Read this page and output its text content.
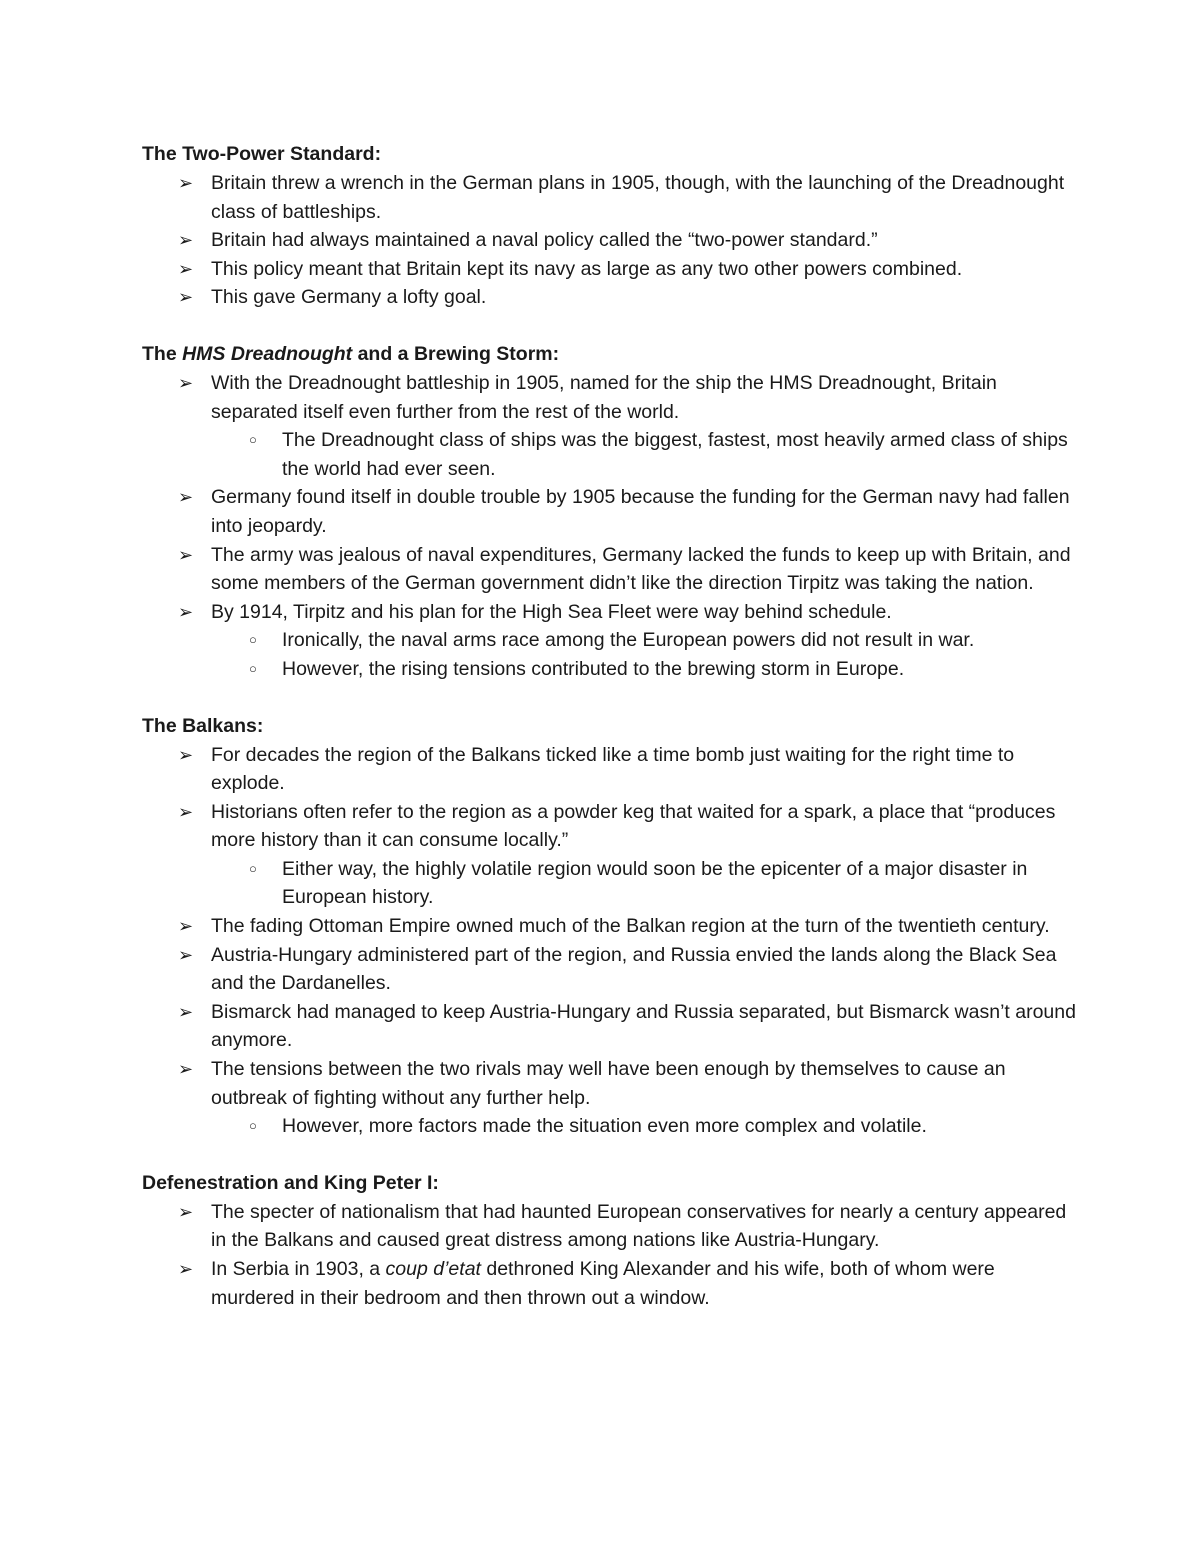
The Two-Power Standard:

➢ Britain threw a wrench in the German plans in 1905, though, with the launching of the Dreadnought class of battleships.
➢ Britain had always maintained a naval policy called the “two-power standard.”
➢ This policy meant that Britain kept its navy as large as any two other powers combined.
➢ This gave Germany a lofty goal.

The HMS Dreadnought and a Brewing Storm:

➢ With the Dreadnought battleship in 1905, named for the ship the HMS Dreadnought, Britain separated itself even further from the rest of the world.
○ The Dreadnought class of ships was the biggest, fastest, most heavily armed class of ships the world had ever seen.
➢ Germany found itself in double trouble by 1905 because the funding for the German navy had fallen into jeopardy.
➢ The army was jealous of naval expenditures, Germany lacked the funds to keep up with Britain, and some members of the German government didn’t like the direction Tirpitz was taking the nation.
➢ By 1914, Tirpitz and his plan for the High Sea Fleet were way behind schedule.
○ Ironically, the naval arms race among the European powers did not result in war.
○ However, the rising tensions contributed to the brewing storm in Europe.

The Balkans:

➢ For decades the region of the Balkans ticked like a time bomb just waiting for the right time to explode.
➢ Historians often refer to the region as a powder keg that waited for a spark, a place that “produces more history than it can consume locally.”
○ Either way, the highly volatile region would soon be the epicenter of a major disaster in European history.
➢ The fading Ottoman Empire owned much of the Balkan region at the turn of the twentieth century.
➢ Austria-Hungary administered part of the region, and Russia envied the lands along the Black Sea and the Dardanelles.
➢ Bismarck had managed to keep Austria-Hungary and Russia separated, but Bismarck wasn’t around anymore.
➢ The tensions between the two rivals may well have been enough by themselves to cause an outbreak of fighting without any further help.
○ However, more factors made the situation even more complex and volatile.

Defenestration and King Peter I:

➢ The specter of nationalism that had haunted European conservatives for nearly a century appeared in the Balkans and caused great distress among nations like Austria-Hungary.
➢ In Serbia in 1903, a coup d’etat dethroned King Alexander and his wife, both of whom were murdered in their bedroom and then thrown out a window.
